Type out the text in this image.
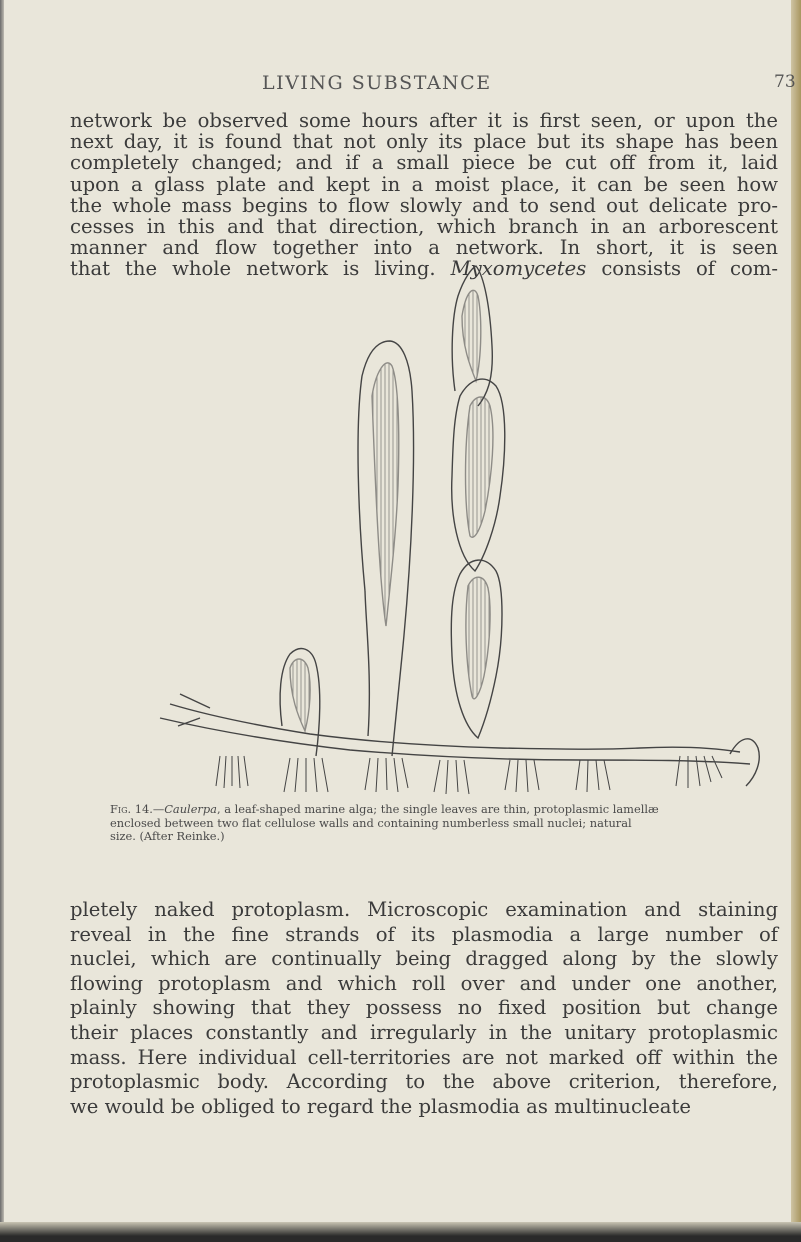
LIVING SUBSTANCE	73
network be observed some hours after it is first seen, or upon the
next day, it is found that not only its place but its shape has been
completely changed; and if a small piece be cut off from it, laid
upon a glass plate and kept in a moist place, it can be seen how
the whole mass begins to flow slowly and to send out delicate pro-
cesses in this and that direction, which branch in an arborescent
manner and flow together into a network. In short, it is seen
that the whole network is living. Myxomycetes consists of com-
Fig. 14.—Caulerpa, a leaf-shaped marine alga; the single leaves are thin, protoplasmic lamellæ
enclosed between two flat cellulose walls and containing numberless small nuclei; natural
size. (After Reinke.)
pletely naked protoplasm. Microscopic examination and staining
reveal in the fine strands of its plasmodia a large number of
nuclei, which are continually being dragged along by the slowly
flowing protoplasm and which roll over and under one another,
plainly showing that they possess no fixed position but change
their places constantly and irregularly in the unitary protoplasmic
mass. Here individual cell-territories are not marked off within the
protoplasmic body. According to the above criterion, therefore,
we would be obliged to regard the plasmodia as multinucleate
